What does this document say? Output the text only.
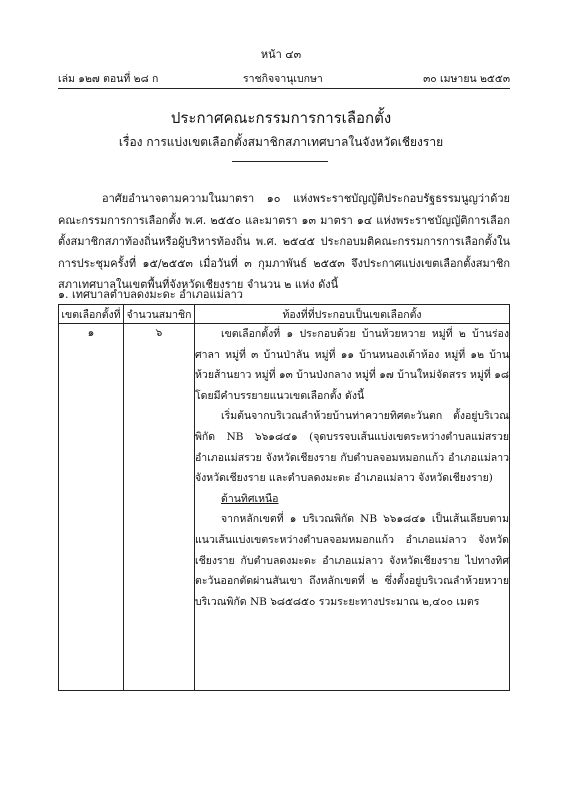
หน้า ๔๓
เล่ม ๑๒๗ ตอนที่ ๒๘ ก	ราชกิจจานุเบกษา	๓๐ เมษายน ๒๕๕๓
ประกาศคณะกรรมการการเลือกตั้ง
เรื่อง การแบ่งเขตเลือกตั้งสมาชิกสภาเทศบาลในจังหวัดเชียงราย

อาศัยอำนาจตามความในมาตรา ๑๐ แห่งพระราชบัญญัติประกอบรัฐธรรมนูญว่าด้วยคณะกรรมการการเลือกตั้ง พ.ศ. ๒๕๕๐ และมาตรา ๑๓ มาตรา ๑๔ แห่งพระราชบัญญัติการเลือกตั้งสมาชิกสภาท้องถิ่นหรือผู้บริหารท้องถิ่น พ.ศ. ๒๕๔๕ ประกอบมติคณะกรรมการการเลือกตั้งในการประชุมครั้งที่ ๑๕/๒๕๕๓ เมื่อวันที่ ๓ กุมภาพันธ์ ๒๕๕๓ จึงประกาศแบ่งเขตเลือกตั้งสมาชิกสภาเทศบาลในเขตพื้นที่จังหวัดเชียงราย จำนวน ๒ แห่ง ดังนี้

๑. เทศบาลตำบลดงมะดะ อำเภอแม่ลาว
เขตเลือกตั้งที่	จำนวนสมาชิก	ท้องที่ที่ประกอบเป็นเขตเลือกตั้ง
๑	๖	เขตเลือกตั้งที่ ๑ ประกอบด้วย บ้านห้วยหวาย หมู่ที่ ๒ บ้านร่องศาลา หมู่ที่ ๓ บ้านป่าลัน หมู่ที่ ๑๑ บ้านหนองเต้าห้อง หมู่ที่ ๑๒ บ้านห้วยส้านยาว หมู่ที่ ๑๓ บ้านป่งกลาง หมู่ที่ ๑๗ บ้านใหม่จัดสรร หมู่ที่ ๑๘ โดยมีคำบรรยายแนวเขตเลือกตั้ง ดังนี้

เริ่มต้นจากบริเวณลำห้วยบ้านท่าควายทิศตะวันตก ตั้งอยู่บริเวณพิกัด NB ๖๖๑๘๔๑ (จุดบรรจบเส้นแบ่งเขตระหว่างตำบลแม่สรวย อำเภอแม่สรวย จังหวัดเชียงราย กับตำบลจอมหมอกแก้ว อำเภอแม่ลาว จังหวัดเชียงราย และตำบลดงมะดะ อำเภอแม่ลาว จังหวัดเชียงราย)

ด้านทิศเหนือ

จากหลักเขตที่ ๑ บริเวณพิกัด NB ๖๖๑๘๔๑ เป็นเส้นเลียบตามแนวเส้นแบ่งเขตระหว่างตำบลจอมหมอกแก้ว อำเภอแม่ลาว จังหวัดเชียงราย กับตำบลดงมะดะ อำเภอแม่ลาว จังหวัดเชียงราย ไปทางทิศตะวันออกตัดผ่านสันเขา ถึงหลักเขตที่ ๒ ซึ่งตั้งอยู่บริเวณลำห้วยหวาย บริเวณพิกัด NB ๖๘๕๘๕๐ รวมระยะทางประมาณ ๒,๔๐๐ เมตร
